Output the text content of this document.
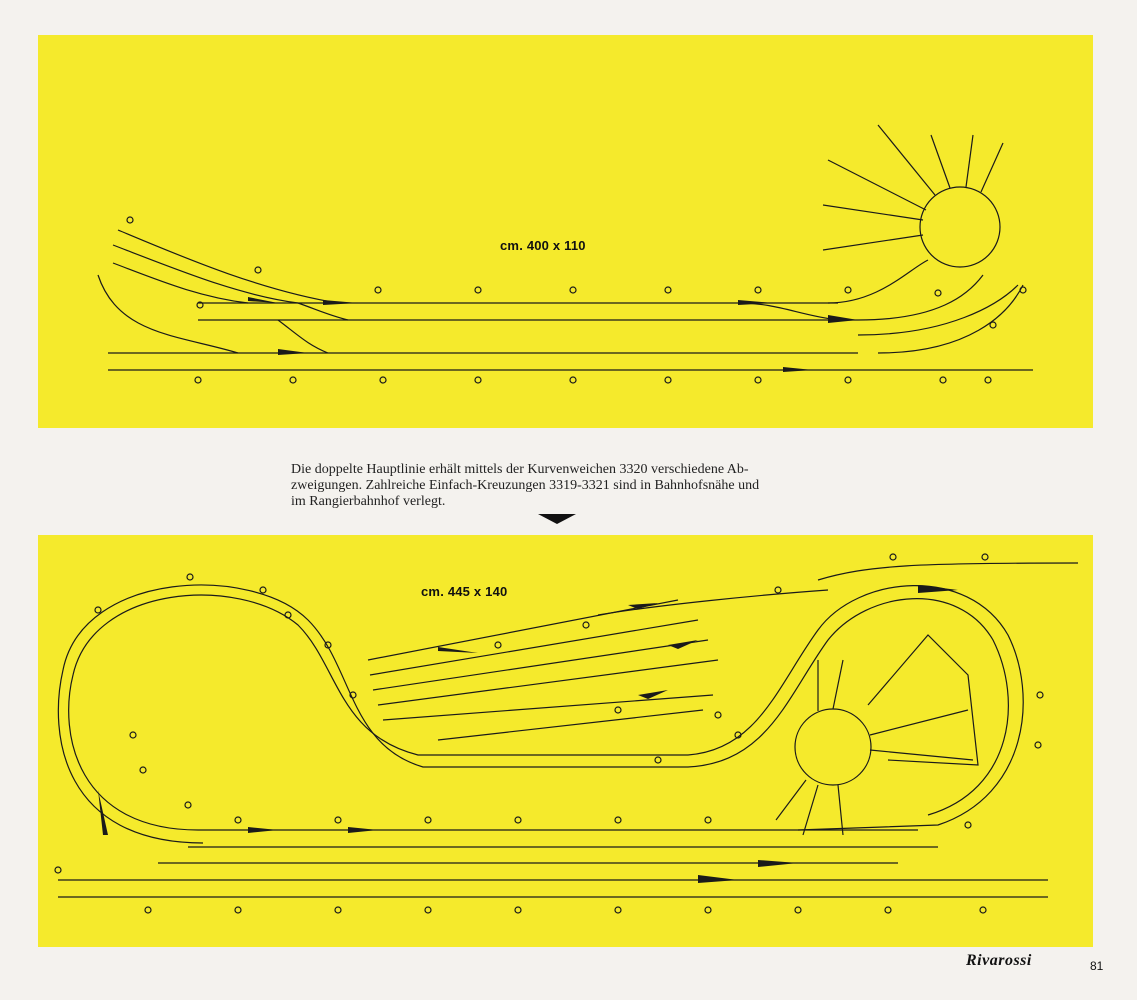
cm. 400 x 110
Die doppelte Hauptlinie erhält mittels der Kurvenweichen 3320 verschiedene Ab-
zweigungen. Zahlreiche Einfach-Kreuzungen 3319-3321 sind in Bahnhofsnähe und
im Rangierbahnhof verlegt.
cm. 445 x 140
Rivarossi	81
